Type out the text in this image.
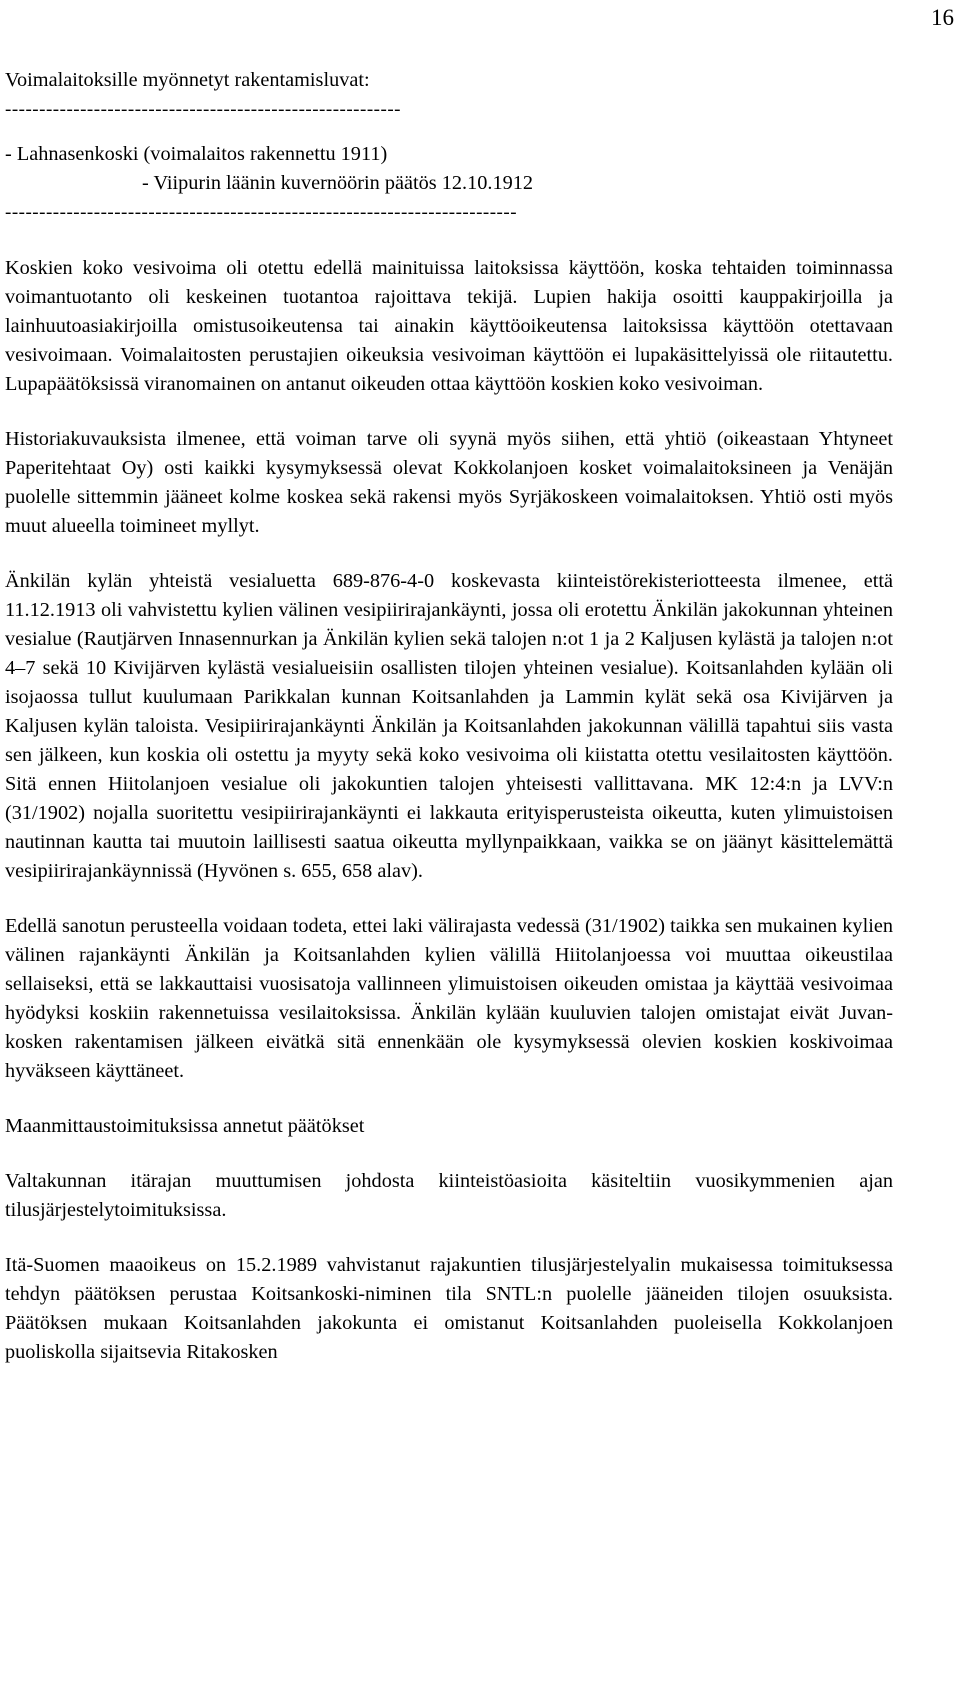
16
Voimalaitoksille myönnetyt rakentamisluvat:
----------------------------------------------------------
- Lahnasenkoski (voimalaitos rakennettu 1911)
- Viipurin läänin kuvernöörin päätös 12.10.1912
---------------------------------------------------------------------------

Koskien koko vesivoima oli otettu edellä mainituissa laitoksissa käyttöön, koska tehtaiden toiminnassa voimantuotanto oli keskeinen tuotantoa rajoittava tekijä. Lupien hakija osoitti kauppakirjoilla ja lainhuutoasiakirjoilla omistusoikeutensa tai ainakin käyttöoikeutensa laitoksissa käyttöön otettavaan vesivoimaan. Voimalaitosten perustajien oikeuksia vesivoiman käyttöön ei lupakäsittelyissä ole riitautettu. Lupapäätöksissä viranomainen on antanut oikeuden ottaa käyttöön koskien koko vesivoiman.

Historiakuvauksista ilmenee, että voiman tarve oli syynä myös siihen, että yhtiö (oikeastaan Yhtyneet Paperitehtaat Oy) osti kaikki kysymyksessä olevat Kokkolanjoen kosket voimalaitoksineen ja Venäjän puolelle sittemmin jääneet kolme koskea sekä rakensi myös Syrjäkoskeen voimalaitoksen. Yhtiö osti myös muut alueella toimineet myllyt.

Änkilän kylän yhteistä vesialuetta 689-876-4-0 koskevasta kiinteistörekisteriotteesta ilmenee, että 11.12.1913 oli vahvistettu kylien välinen vesipiirirajankäynti, jossa oli erotettu Änkilän jakokunnan yhteinen vesialue (Rautjärven Innasennurkan ja Änkilän kylien sekä talojen n:ot 1 ja 2 Kaljusen kylästä ja talojen n:ot 4–7 sekä 10 Kivijärven kylästä vesialueisiin osallisten tilojen yhteinen vesialue). Koitsanlahden kylään oli isojaossa tullut kuulumaan Parikkalan kunnan Koitsanlahden ja Lammin kylät sekä osa Kivijärven ja Kaljusen kylän taloista. Vesipiirirajankäynti Änkilän ja Koitsanlahden jakokunnan välillä tapahtui siis vasta sen jälkeen, kun koskia oli ostettu ja myyty sekä koko vesivoima oli kiistatta otettu vesilaitosten käyttöön. Sitä ennen Hiitolanjoen vesialue oli jakokuntien talojen yhteisesti vallittavana. MK 12:4:n ja LVV:n (31/1902) nojalla suoritettu vesipiirirajankäynti ei lakkauta erityisperusteista oikeutta, kuten ylimuistoisen nautinnan kautta tai muutoin laillisesti saatua oikeutta myllynpaikkaan, vaikka se on jäänyt käsittelemättä vesipiirirajankäynnissä (Hyvönen s. 655, 658 alav).

Edellä sanotun perusteella voidaan todeta, ettei laki välirajasta vedessä (31/1902) taikka sen mukainen kylien välinen rajankäynti Änkilän ja Koitsanlahden kylien välillä Hiitolanjoessa voi muuttaa oikeustilaa sellaiseksi, että se lakkauttaisi vuosisatoja vallinneen ylimuistoisen oikeuden omistaa ja käyttää vesivoimaa hyödyksi koskiin rakennetuissa vesilaitoksissa. Änkilän kylään kuuluvien talojen omistajat eivät Juvankosken rakentamisen jälkeen eivätkä sitä ennenkään ole kysymyksessä olevien koskien koskivoimaa hyväkseen käyttäneet.

Maanmittaustoimituksissa annetut päätökset

Valtakunnan itärajan muuttumisen johdosta kiinteistöasioita käsiteltiin vuosikymmenien ajan tilusjärjestelytoimituksissa.

Itä-Suomen maaoikeus on 15.2.1989 vahvistanut rajakuntien tilusjärjestelyalin mukaisessa toimituksessa tehdyn päätöksen perustaa Koitsankoski-niminen tila SNTL:n puolelle jääneiden tilojen osuuksista. Päätöksen mukaan Koitsanlahden jakokunta ei omistanut Koitsanlahden puoleisella Kokkolanjoen puoliskolla sijaitsevia Ritakosken
